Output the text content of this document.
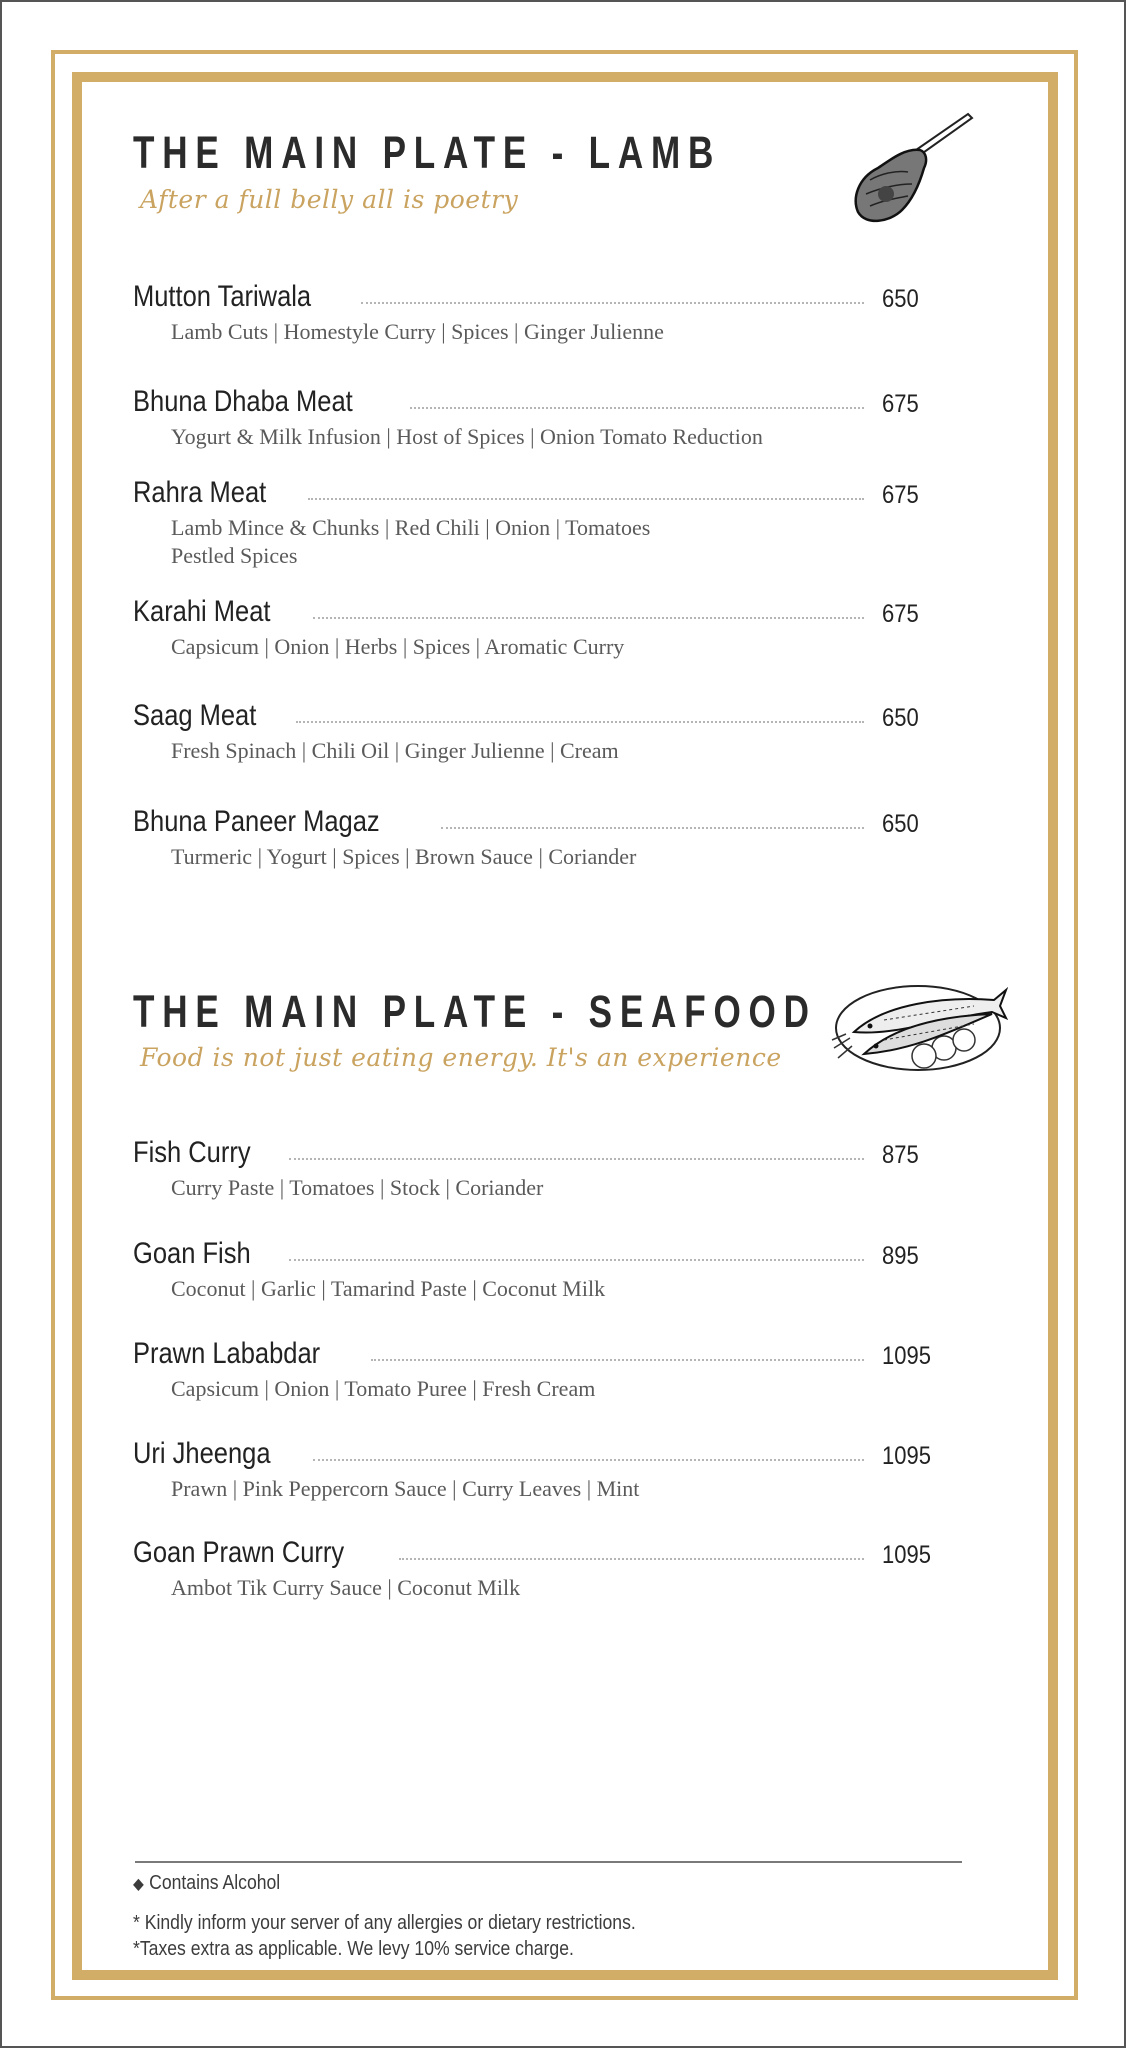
THE MAIN PLATE - LAMB
After a full belly all is poetry
Mutton Tariwala	650
Lamb Cuts | Homestyle Curry | Spices | Ginger Julienne
Bhuna Dhaba Meat	675
Yogurt & Milk Infusion | Host of Spices | Onion Tomato Reduction
Rahra Meat	675
Lamb Mince & Chunks | Red Chili | Onion | Tomatoes
Pestled Spices
Karahi Meat	675
Capsicum | Onion | Herbs | Spices | Aromatic Curry
Saag Meat	650
Fresh Spinach | Chili Oil | Ginger Julienne | Cream
Bhuna Paneer Magaz	650
Turmeric | Yogurt | Spices | Brown Sauce | Coriander
THE MAIN PLATE - SEAFOOD
Food is not just eating energy. It's an experience
Fish Curry	875
Curry Paste | Tomatoes | Stock | Coriander
Goan Fish	895
Coconut | Garlic | Tamarind Paste | Coconut Milk
Prawn Lababdar	1095
Capsicum | Onion | Tomato Puree | Fresh Cream
Uri Jheenga	1095
Prawn | Pink Peppercorn Sauce | Curry Leaves | Mint
Goan Prawn Curry	1095
Ambot Tik Curry Sauce | Coconut Milk
◆ Contains Alcohol
* Kindly inform your server of any allergies or dietary restrictions.
*Taxes extra as applicable. We levy 10% service charge.
